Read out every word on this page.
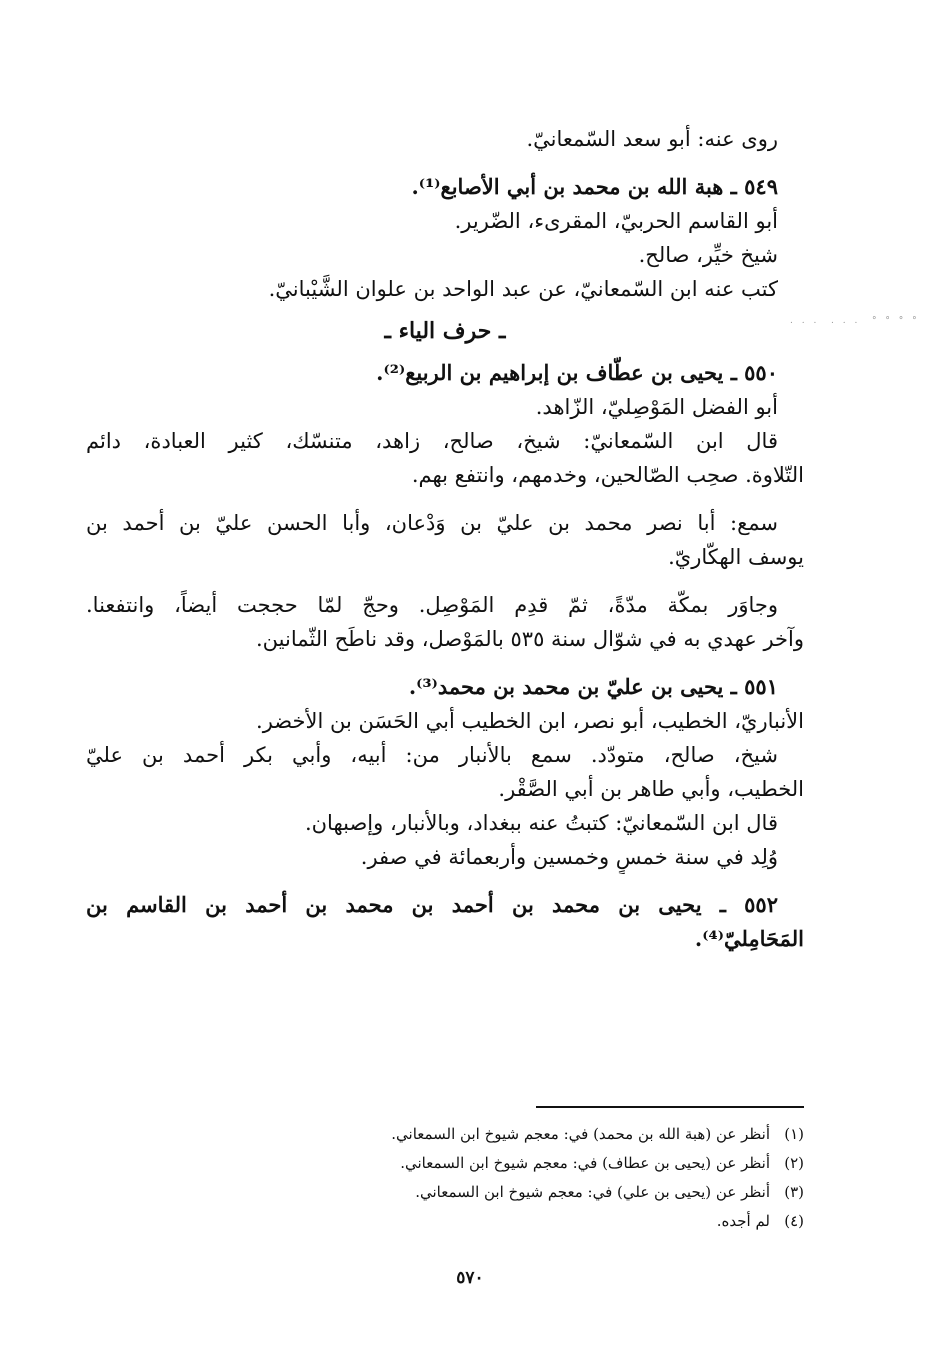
روى عنه: أبو سعد السّمعانيّ.
٥٤٩ ـ هبة الله بن محمد بن أبي الأصابع⁽¹⁾.
أبو القاسم الحربيّ، المقرىء، الضّرير.
شيخ خيِّر، صالح.
كتب عنه ابن السّمعانيّ، عن عبد الواحد بن علوان الشَّيْبانيّ.
ـ حرف الياء ـ
٥٥٠ ـ يحيى بن عطّاف بن إبراهيم بن الربيع⁽²⁾.
أبو الفضل المَوْصِليّ، الزّاهد.
قال ابن السّمعانيّ: شيخ، صالح، زاهد، متنسّك، كثير العبادة، دائم
التّلاوة. صحِب الصّالحين، وخدمهم، وانتفع بهم.
سمع: أبا نصر محمد بن عليّ بن وَدْعان، وأبا الحسن عليّ بن أحمد بن
يوسف الهكّاريّ.
وجاوَر بمكّة مدّةً، ثمّ قدِم المَوْصِل. وحجّ لمّا حججت أيضاً، وانتفعنا.
وآخر عهدي به في شوّال سنة ٥٣٥ بالمَوْصل، وقد ناطَح الثّمانين.
٥٥١ ـ يحيى بن عليّ بن محمد بن محمد⁽³⁾.
الأنباريّ، الخطيب، أبو نصر، ابن الخطيب أبي الحَسَن بن الأخضر.
شيخ، صالح، متودّد. سمع بالأنبار من: أبيه، وأبي بكر أحمد بن عليّ
الخطيب، وأبي طاهر بن أبي الصَّقْر.
قال ابن السّمعانيّ: كتبتُ عنه ببغداد، وبالأنبار، وإصبهان.
وُلِد في سنة خمسٍ وخمسين وأربعمائة في صفر.
٥٥٢ ـ يحيى بن محمد بن أحمد بن محمد بن أحمد بن القاسم بن
المَحَامِليّ⁽⁴⁾.
(١)أنظر عن (هبة الله بن محمد) في: معجم شيوخ ابن السمعاني.
(٢)أنظر عن (يحيى بن عطاف) في: معجم شيوخ ابن السمعاني.
(٣)أنظر عن (يحيى بن علي) في: معجم شيوخ ابن السمعاني.
(٤)لم أجده.
٥٧٠
. . .  . . .  ° ° ° °
